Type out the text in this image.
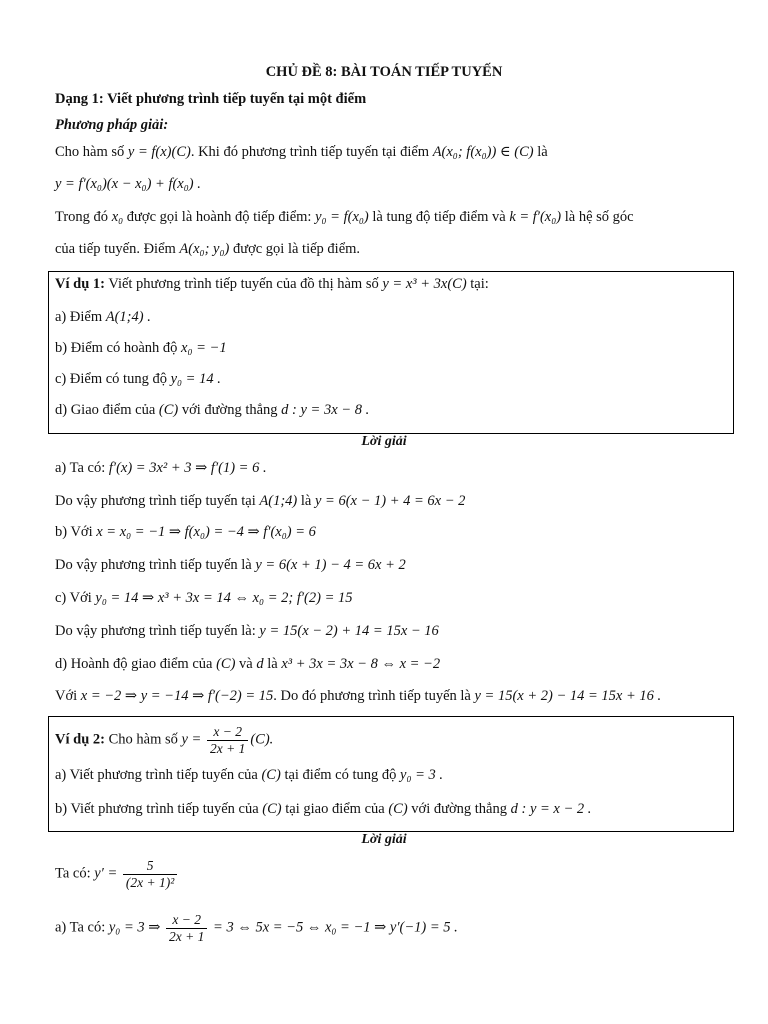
CHỦ ĐỀ 8: BÀI TOÁN TIẾP TUYẾN
Dạng 1: Viết phương trình tiếp tuyến tại một điểm
Phương pháp giải:
Cho hàm số y = f(x)(C). Khi đó phương trình tiếp tuyến tại điểm A(x₀; f(x₀)) ∈ (C) là
y = f′(x₀)(x − x₀) + f(x₀) .
Trong đó x₀ được gọi là hoành độ tiếp điểm: y₀ = f(x₀) là tung độ tiếp điểm và k = f′(x₀) là hệ số góc
của tiếp tuyến. Điểm A(x₀; y₀) được gọi là tiếp điểm.
Ví dụ 1: Viết phương trình tiếp tuyến của đồ thị hàm số y = x³ + 3x(C) tại:
a) Điểm A(1;4) .
b) Điểm có hoành độ x₀ = −1
c) Điểm có tung độ y₀ = 14 .
d) Giao điểm của (C) với đường thẳng d : y = 3x − 8 .
Lời giải
a) Ta có: f′(x) = 3x² + 3 ⇒ f′(1) = 6 .
Do vậy phương trình tiếp tuyến tại A(1;4) là y = 6(x − 1) + 4 = 6x − 2
b) Với x = x₀ = −1 ⇒ f(x₀) = −4 ⇒ f′(x₀) = 6
Do vậy phương trình tiếp tuyến là y = 6(x + 1) − 4 = 6x + 2
c) Với y₀ = 14 ⇒ x³ + 3x = 14 ⇔ x₀ = 2; f′(2) = 15
Do vậy phương trình tiếp tuyến là: y = 15(x − 2) + 14 = 15x − 16
d) Hoành độ giao điểm của (C) và d là x³ + 3x = 3x − 8 ⇔ x = −2
Với x = −2 ⇒ y = −14 ⇒ f′(−2) = 15. Do đó phương trình tiếp tuyến là y = 15(x + 2) − 14 = 15x + 16 .
Ví dụ 2: Cho hàm số $y = \frac{x - 2}{2x + 1} (C)$.
a) Viết phương trình tiếp tuyến của (C) tại điểm có tung độ y₀ = 3 .
b) Viết phương trình tiếp tuyến của (C) tại giao điểm của (C) với đường thẳng d : y = x − 2 .
Lời giải
Ta có: $y' = \frac{5}{\text{(2x + 1)²}}$
a) Ta có: y₀ = 3 ⇒ $\frac{x - 2}{2x + 1} = 3$ ⇔ 5x = −5 ⇔ x₀ = −1 ⇒ y′(−1) = 5 .
